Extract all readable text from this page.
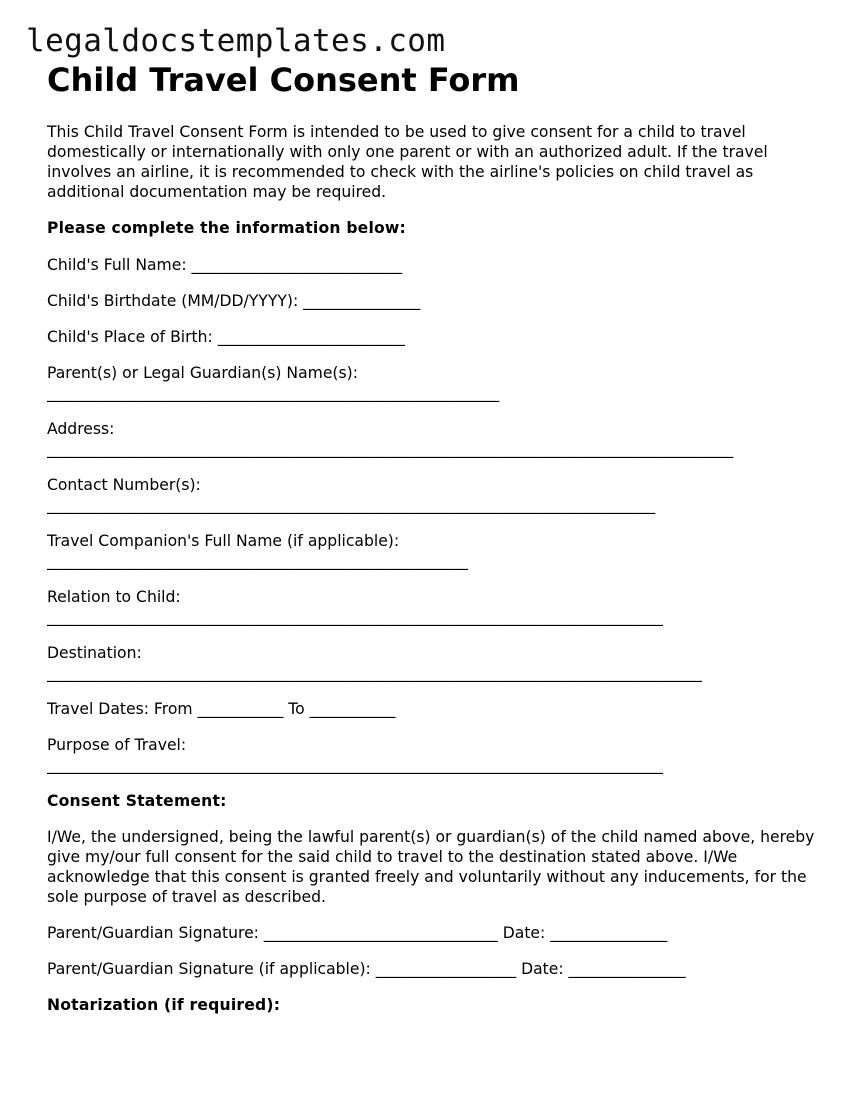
legaldocstemplates.com
Child Travel Consent Form

This Child Travel Consent Form is intended to be used to give consent for a child to travel domestically or internationally with only one parent or with an authorized adult. If the travel involves an airline, it is recommended to check with the airline's policies on child travel as additional documentation may be required.

Please complete the information below:
Child's Full Name: ___________________________
Child's Birthdate (MM/DD/YYYY): _______________
Child's Place of Birth: ________________________
Parent(s) or Legal Guardian(s) Name(s):
__________________________________________________________
Address:
________________________________________________________________________________________
Contact Number(s):
______________________________________________________________________________
Travel Companion's Full Name (if applicable):
______________________________________________________
Relation to Child:
_______________________________________________________________________________
Destination:
____________________________________________________________________________________
Travel Dates: From ___________ To ___________
Purpose of Travel:
_______________________________________________________________________________
Consent Statement:

I/We, the undersigned, being the lawful parent(s) or guardian(s) of the child named above, hereby give my/our full consent for the said child to travel to the destination stated above. I/We acknowledge that this consent is granted freely and voluntarily without any inducements, for the sole purpose of travel as described.

Parent/Guardian Signature: ______________________________ Date: _______________
Parent/Guardian Signature (if applicable): __________________ Date: _______________
Notarization (if required):
